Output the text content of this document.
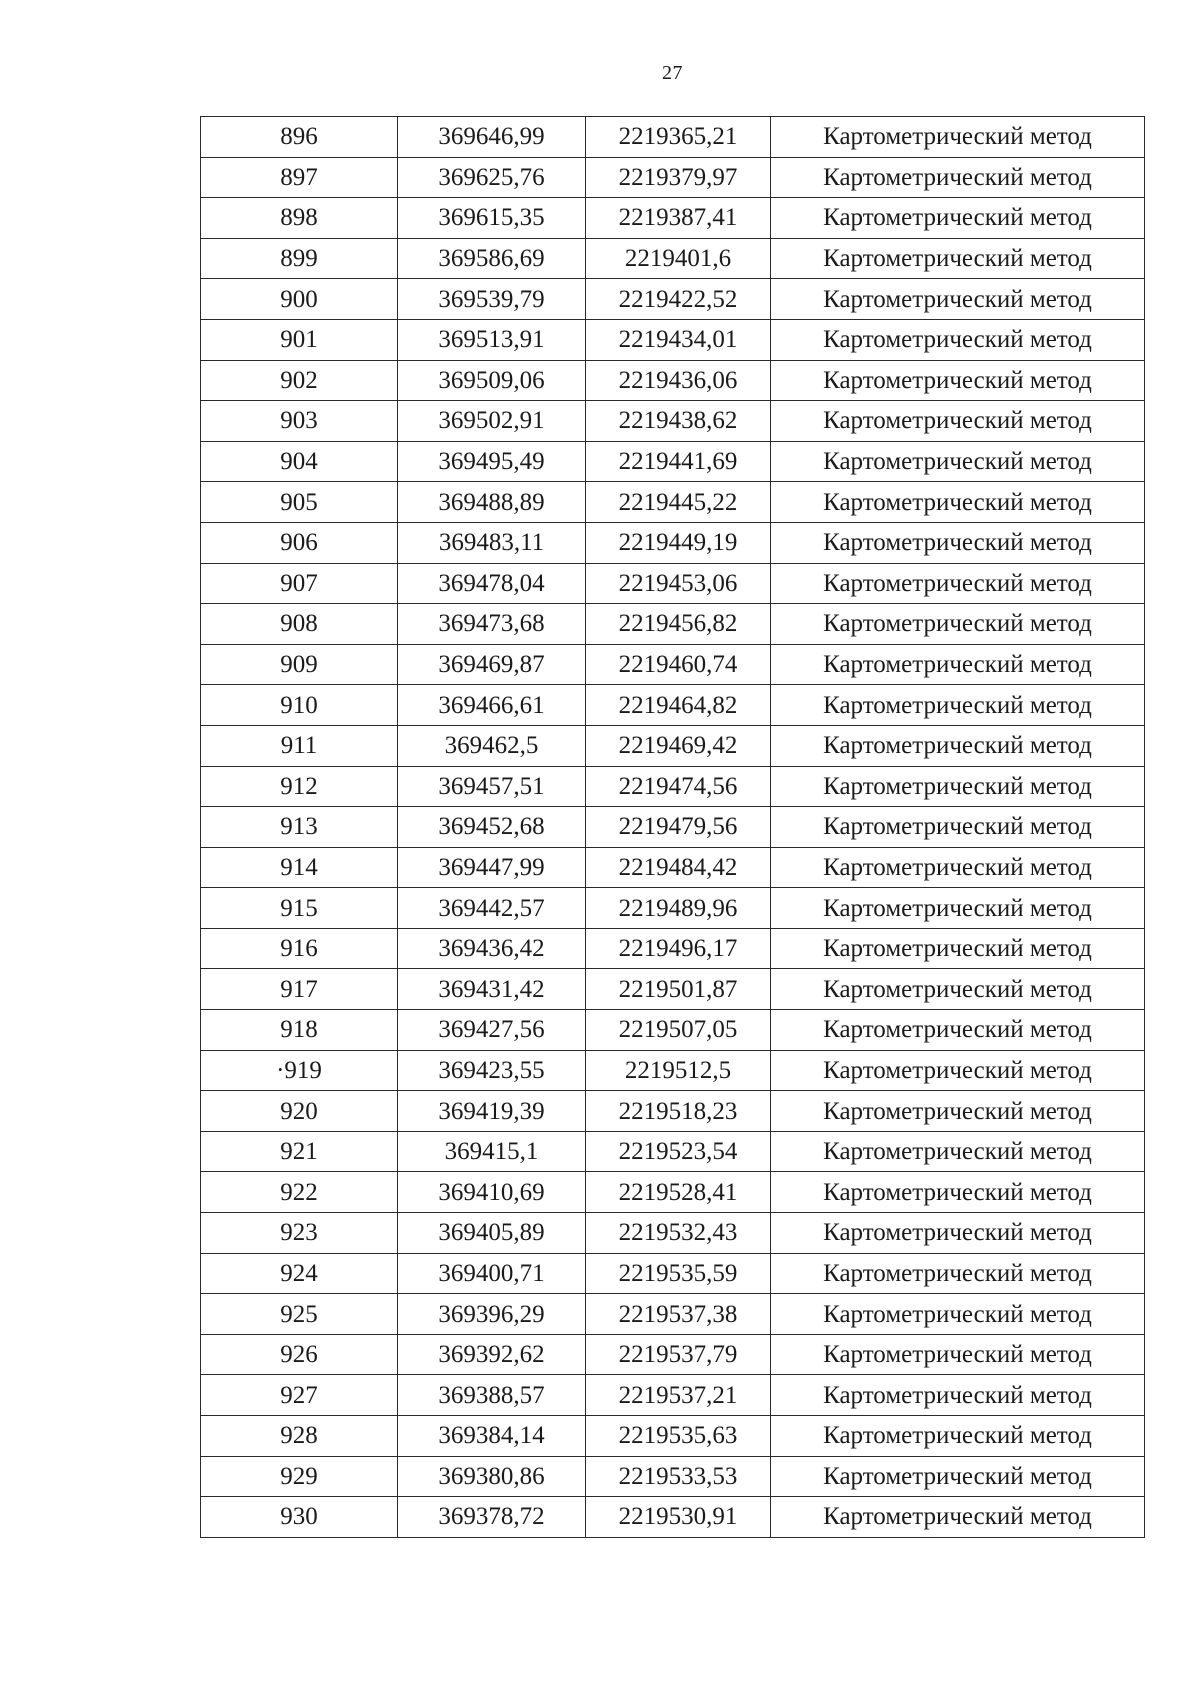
27
896	369646,99	2219365,21	Картометрический метод
897	369625,76	2219379,97	Картометрический метод
898	369615,35	2219387,41	Картометрический метод
899	369586,69	2219401,6	Картометрический метод
900	369539,79	2219422,52	Картометрический метод
901	369513,91	2219434,01	Картометрический метод
902	369509,06	2219436,06	Картометрический метод
903	369502,91	2219438,62	Картометрический метод
904	369495,49	2219441,69	Картометрический метод
905	369488,89	2219445,22	Картометрический метод
906	369483,11	2219449,19	Картометрический метод
907	369478,04	2219453,06	Картометрический метод
908	369473,68	2219456,82	Картометрический метод
909	369469,87	2219460,74	Картометрический метод
910	369466,61	2219464,82	Картометрический метод
911	369462,5	2219469,42	Картометрический метод
912	369457,51	2219474,56	Картометрический метод
913	369452,68	2219479,56	Картометрический метод
914	369447,99	2219484,42	Картометрический метод
915	369442,57	2219489,96	Картометрический метод
916	369436,42	2219496,17	Картометрический метод
917	369431,42	2219501,87	Картометрический метод
918	369427,56	2219507,05	Картометрический метод
·919	369423,55	2219512,5	Картометрический метод
920	369419,39	2219518,23	Картометрический метод
921	369415,1	2219523,54	Картометрический метод
922	369410,69	2219528,41	Картометрический метод
923	369405,89	2219532,43	Картометрический метод
924	369400,71	2219535,59	Картометрический метод
925	369396,29	2219537,38	Картометрический метод
926	369392,62	2219537,79	Картометрический метод
927	369388,57	2219537,21	Картометрический метод
928	369384,14	2219535,63	Картометрический метод
929	369380,86	2219533,53	Картометрический метод
930	369378,72	2219530,91	Картометрический метод
